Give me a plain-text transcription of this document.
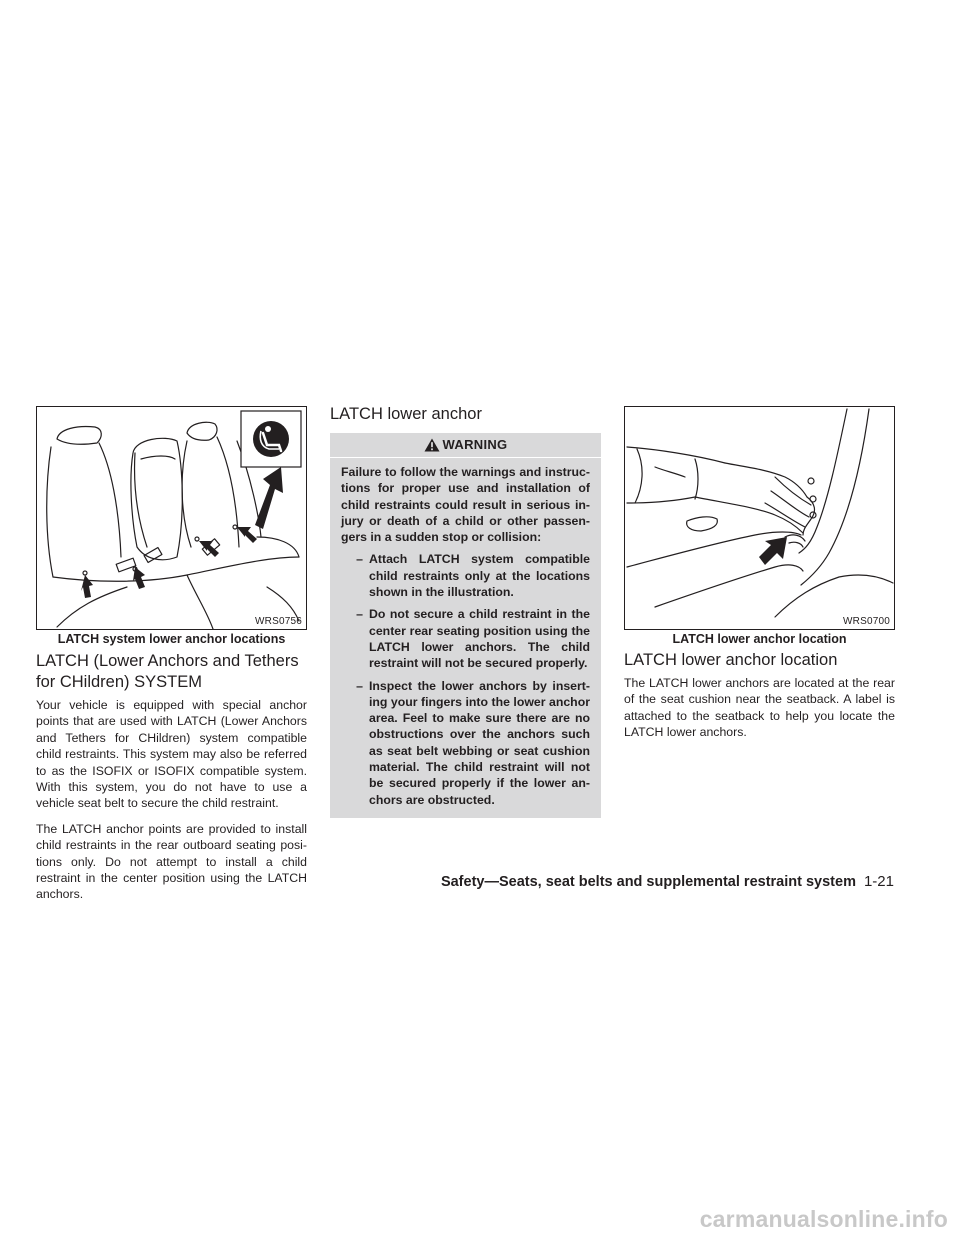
WRS0756
LATCH system lower anchor locations
LATCH (Lower Anchors and Tethers
for CHildren) SYSTEM

Your vehicle is equipped with special anchor points that are used with LATCH (Lower Anchors and Tethers for CHildren) system compatible child restraints. This system may also be referred to as the ISOFIX or ISOFIX compatible system. With this system, you do not have to use a vehicle seat belt to secure the child restraint.

The LATCH anchor points are provided to install child restraints in the rear outboard seating posi-tions only. Do not attempt to install a child restraint in the center position using the LATCH anchors.

LATCH lower anchor
WARNING
Failure to follow the warnings and instruc-tions for proper use and installation of child restraints could result in serious in-jury or death of a child or other passen-gers in a sudden stop or collision:
– Attach LATCH system compatible child restraints only at the locations shown in the illustration.
– Do not secure a child restraint in the center rear seating position using the LATCH lower anchors. The child restraint will not be secured properly.
– Inspect the lower anchors by insert-ing your fingers into the lower anchor area. Feel to make sure there are no obstructions over the anchors such as seat belt webbing or seat cushion material. The child restraint will not be secured properly if the lower an-chors are obstructed.
WRS0700
LATCH lower anchor location
LATCH lower anchor location

The LATCH lower anchors are located at the rear of the seat cushion near the seatback. A label is attached to the seatback to help you locate the LATCH lower anchors.

Safety—Seats, seat belts and supplemental restraint system 1-21
carmanualsonline.info
